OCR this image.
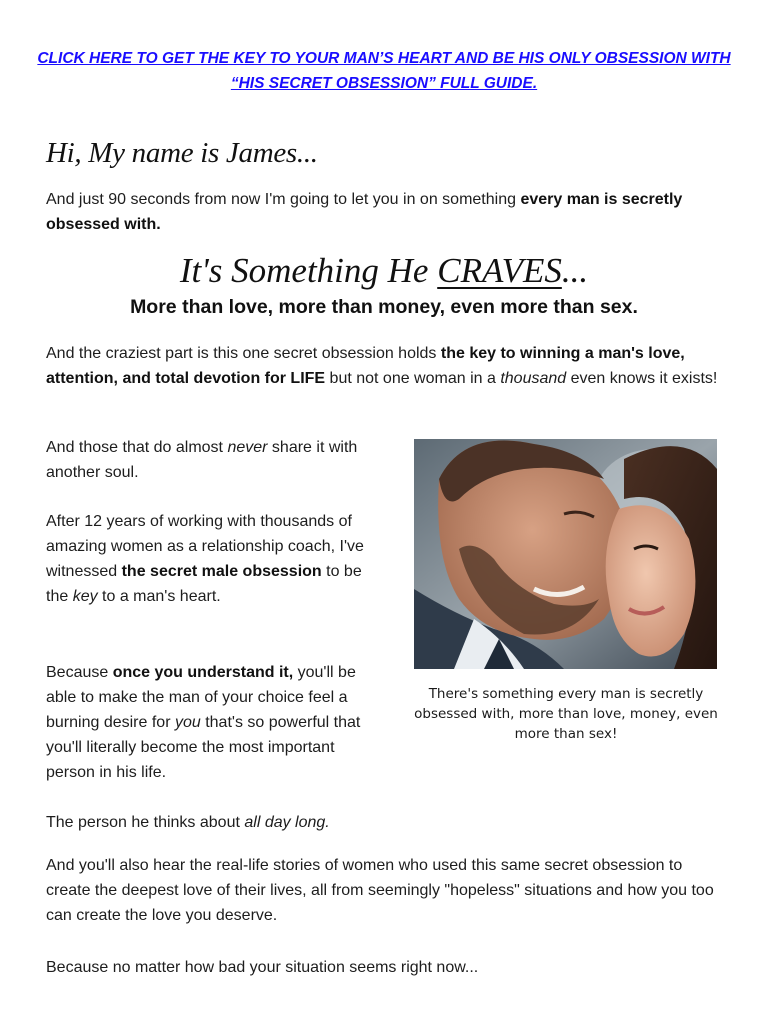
CLICK HERE TO GET THE KEY TO YOUR MAN’S HEART AND BE HIS ONLY OBSESSION WITH
“HIS SECRET OBSESSION” FULL GUIDE.
Hi, My name is James...
And just 90 seconds from now I'm going to let you in on something every man is secretly obsessed with.
It's Something He CRAVES...
More than love, more than money, even more than sex.
And the craziest part is this one secret obsession holds the key to winning a man's love, attention, and total devotion for LIFE but not one woman in a thousand even knows it exists!
And those that do almost never share it with another soul.
After 12 years of working with thousands of amazing women as a relationship coach, I've witnessed the secret male obsession to be the key to a man's heart.
Because once you understand it, you'll be able to make the man of your choice feel a burning desire for you that's so powerful that you'll literally become the most important person in his life.
The person he thinks about all day long.
There's something every man is secretly obsessed with, more than love, money, even more than sex!
And you'll also hear the real-life stories of women who used this same secret obsession to create the deepest love of their lives, all from seemingly "hopeless" situations and how you too can create the love you deserve.
Because no matter how bad your situation seems right now...
